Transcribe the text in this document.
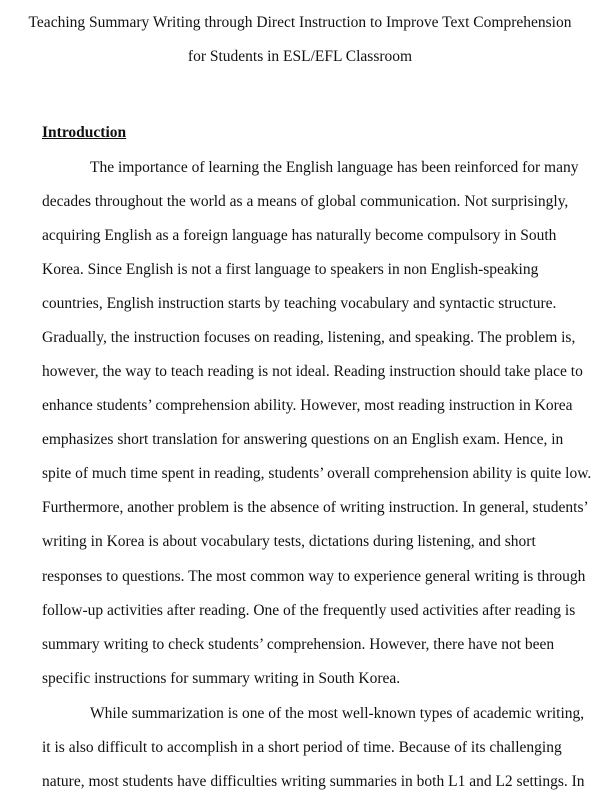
Teaching Summary Writing through Direct Instruction to Improve Text Comprehension
for Students in ESL/EFL Classroom
Introduction
The importance of learning the English language has been reinforced for many
decades throughout the world as a means of global communication. Not surprisingly,
acquiring English as a foreign language has naturally become compulsory in South
Korea. Since English is not a first language to speakers in non English-speaking
countries, English instruction starts by teaching vocabulary and syntactic structure.
Gradually, the instruction focuses on reading, listening, and speaking. The problem is,
however, the way to teach reading is not ideal. Reading instruction should take place to
enhance students’ comprehension ability. However, most reading instruction in Korea
emphasizes short translation for answering questions on an English exam. Hence, in
spite of much time spent in reading, students’ overall comprehension ability is quite low.
Furthermore, another problem is the absence of writing instruction. In general, students’
writing in Korea is about vocabulary tests, dictations during listening, and short
responses to questions. The most common way to experience general writing is through
follow-up activities after reading. One of the frequently used activities after reading is
summary writing to check students’ comprehension. However, there have not been
specific instructions for summary writing in South Korea.
While summarization is one of the most well-known types of academic writing,
it is also difficult to accomplish in a short period of time. Because of its challenging
nature, most students have difficulties writing summaries in both L1 and L2 settings. In
